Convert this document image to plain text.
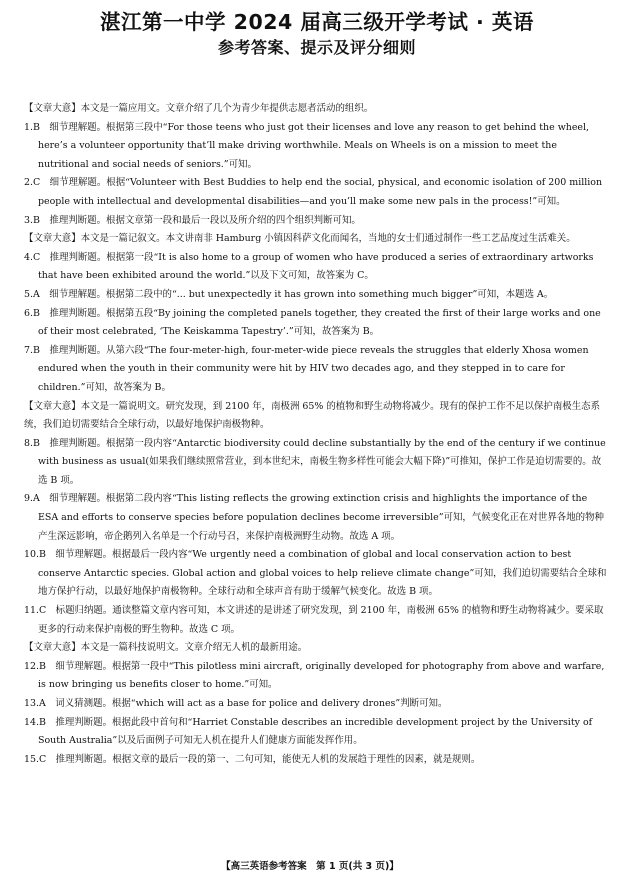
湛江第一中学 2024 届高三级开学考试 · 英语
参考答案、提示及评分细则
【文章大意】本文是一篇应用文。文章介绍了几个为青少年提供志愿者活动的组织。
1.B　细节理解题。根据第三段中“For those teens who just got their licenses and love any reason to get behind the wheel, here’s a volunteer opportunity that’ll make driving worthwhile. Meals on Wheels is on a mission to meet the nutritional and social needs of seniors.”可知。
2.C　细节理解题。根据“Volunteer with Best Buddies to help end the social, physical, and economic isolation of 200 million people with intellectual and developmental disabilities—and you’ll make some new pals in the process!”可知。
3.B　推理判断题。根据文章第一段和最后一段以及所介绍的四个组织判断可知。
【文章大意】本文是一篇记叙文。本文讲南非 Hamburg 小镇因科萨文化而闻名，当地的女士们通过制作一些工艺品度过生活难关。
4.C　推理判断题。根据第一段“It is also home to a group of women who have produced a series of extraordinary artworks that have been exhibited around the world.”以及下文可知，故答案为 C。
5.A　细节理解题。根据第二段中的“... but unexpectedly it has grown into something much bigger”可知，本题选 A。
6.B　推理判断题。根据第五段“By joining the completed panels together, they created the first of their large works and one of their most celebrated, ‘The Keiskamma Tapestry’.”可知，故答案为 B。
7.B　推理判断题。从第六段“The four-meter-high, four-meter-wide piece reveals the struggles that elderly Xhosa women endured when the youth in their community were hit by HIV two decades ago, and they stepped in to care for children.”可知，故答案为 B。
【文章大意】本文是一篇说明文。研究发现，到 2100 年，南极洲 65% 的植物和野生动物将减少。现有的保护工作不足以保护南极生态系统，我们迫切需要结合全球行动，以最好地保护南极物种。
8.B　推理判断题。根据第一段内容“Antarctic biodiversity could decline substantially by the end of the century if we continue with business as usual(如果我们继续照常营业，到本世纪末，南极生物多样性可能会大幅下降)”可推知，保护工作是迫切需要的。故选 B 项。
9.A　细节理解题。根据第二段内容“This listing reflects the growing extinction crisis and highlights the importance of the ESA and efforts to conserve species before population declines become irreversible”可知，气候变化正在对世界各地的物种产生深远影响，帝企鹅列入名单是一个行动号召，来保护南极洲野生动物。故选 A 项。
10.B　细节理解题。根据最后一段内容“We urgently need a combination of global and local conservation action to best conserve Antarctic species. Global action and global voices to help relieve climate change”可知，我们迫切需要结合全球和地方保护行动，以最好地保护南极物种。全球行动和全球声音有助于缓解气候变化。故选 B 项。
11.C　标题归纳题。通读整篇文章内容可知，本文讲述的是讲述了研究发现，到 2100 年，南极洲 65% 的植物和野生动物将减少。要采取更多的行动来保护南极的野生物种。故选 C 项。
【文章大意】本文是一篇科技说明文。文章介绍无人机的最新用途。
12.B　细节理解题。根据第一段中“This pilotless mini aircraft, originally developed for photography from above and warfare, is now bringing us benefits closer to home.”可知。
13.A　词义猜测题。根据“which will act as a base for police and delivery drones”判断可知。
14.B　推理判断题。根据此段中首句和“Harriet Constable describes an incredible development project by the University of South Australia”以及后面例子可知无人机在提升人们健康方面能发挥作用。
15.C　推理判断题。根据文章的最后一段的第一、二句可知，能使无人机的发展趋于理性的因素，就是规则。
【高三英语参考答案　第 1 页(共 3 页)】
